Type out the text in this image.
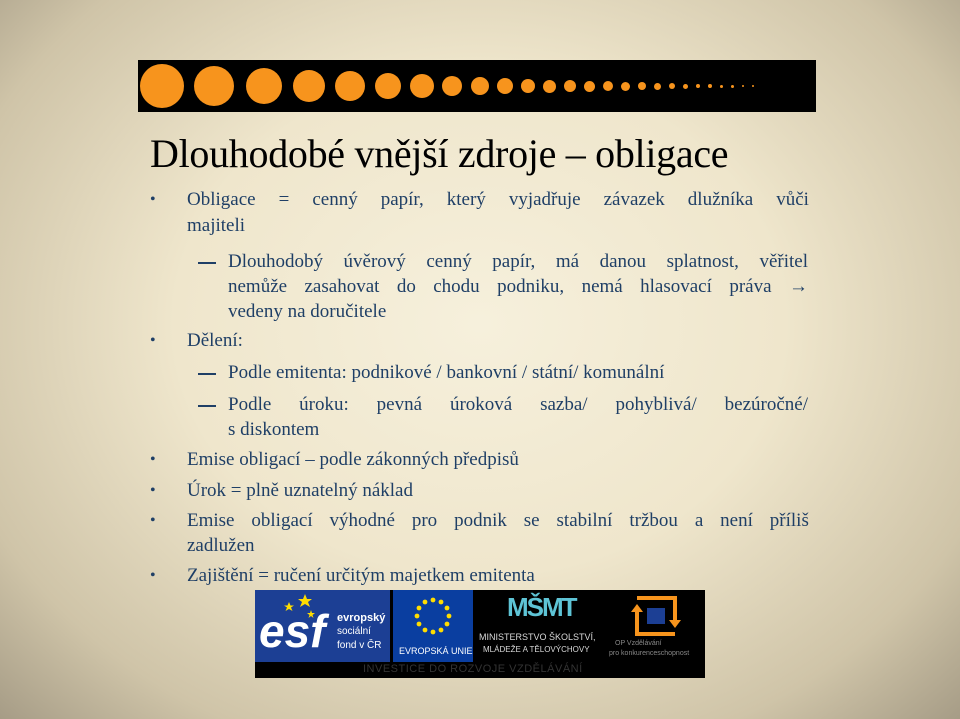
Dlouhodobé vnější zdroje – obligace
• Obligace = cenný papír, který vyjadřuje závazek dlužníka vůči
majiteli
Dlouhodobý úvěrový cenný papír, má danou splatnost, věřitel
nemůže zasahovat do chodu podniku, nemá hlasovací práva →
vedeny na doručitele
• Dělení:
Podle emitenta: podnikové / bankovní / státní/ komunální
Podle úroku: pevná úroková sazba/ pohyblivá/ bezúročné/
s diskontem
• Emise obligací – podle zákonných předpisů
• Úrok = plně uznatelný náklad
• Emise obligací výhodné pro podnik se stabilní tržbou a není příliš
zadlužen
• Zajištění = ručení určitým majetkem emitenta
esf evropský
sociální
fond v ČR EVROPSKÁ UNIE
MŠMT
MINISTERSTVO ŠKOLSTVÍ,
MLÁDEŽE A TĚLOVÝCHOVY
OP Vzdělávání
pro konkurenceschopnost
INVESTICE DO ROZVOJE VZDĚLÁVÁNÍ
